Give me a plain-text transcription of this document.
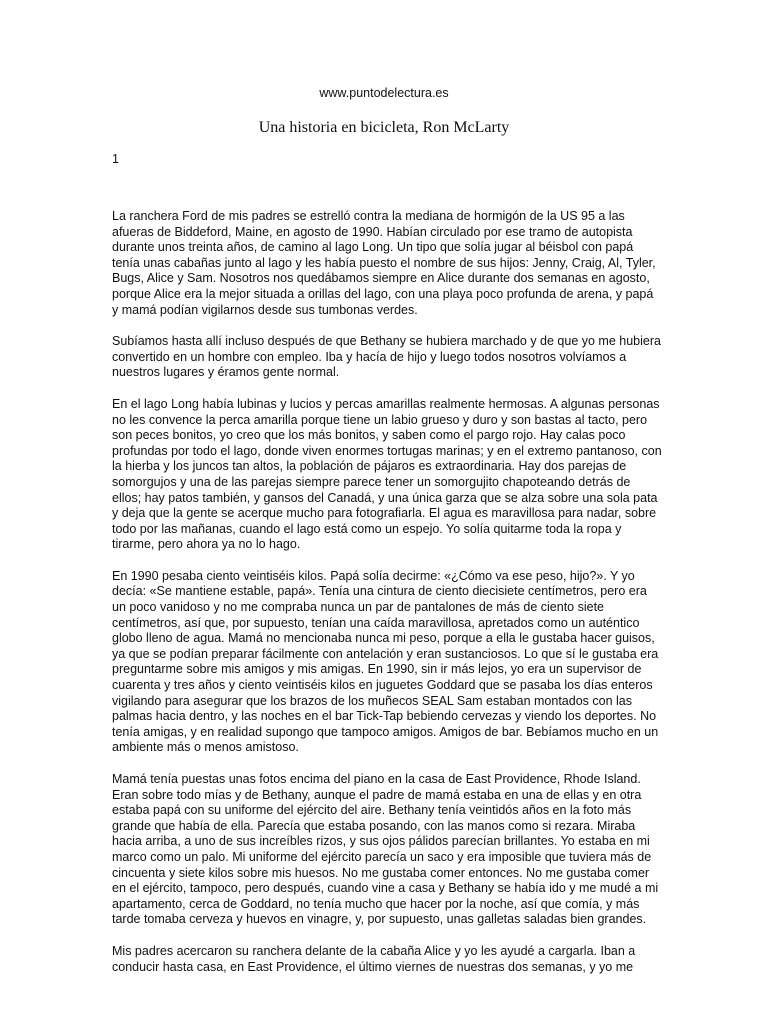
www.puntodelectura.es

Una historia en bicicleta, Ron McLarty

1

La ranchera Ford de mis padres se estrelló contra la mediana de hormigón de la US 95 a las afueras de Biddeford, Maine, en agosto de 1990. Habían circulado por ese tramo de autopista durante unos treinta años, de camino al lago Long. Un tipo que solía jugar al béisbol con papá tenía unas cabañas junto al lago y les había puesto el nombre de sus hijos: Jenny, Craig, Al, Tyler, Bugs, Alice y Sam. Nosotros nos quedábamos siempre en Alice durante dos semanas en agosto, porque Alice era la mejor situada a orillas del lago, con una playa poco profunda de arena, y papá y mamá podían vigilarnos desde sus tumbonas verdes.

Subíamos hasta allí incluso después de que Bethany se hubiera marchado y de que yo me hubiera convertido en un hombre con empleo. Iba y hacía de hijo y luego todos nosotros volvíamos a nuestros lugares y éramos gente normal.

En el lago Long había lubinas y lucios y percas amarillas realmente hermosas. A algunas personas no les convence la perca amarilla porque tiene un labio grueso y duro y son bastas al tacto, pero son peces bonitos, yo creo que los más bonitos, y saben como el pargo rojo. Hay calas poco profundas por todo el lago, donde viven enormes tortugas marinas; y en el extremo pantanoso, con la hierba y los juncos tan altos, la población de pájaros es extraordinaria. Hay dos parejas de somorgujos y una de las parejas siempre parece tener un somorgujito chapoteando detrás de ellos; hay patos también, y gansos del Canadá, y una única garza que se alza sobre una sola pata y deja que la gente se acerque mucho para fotografiarla. El agua es maravillosa para nadar, sobre todo por las mañanas, cuando el lago está como un espejo. Yo solía quitarme toda la ropa y tirarme, pero ahora ya no lo hago.

En 1990 pesaba ciento veintiséis kilos. Papá solía decirme: «¿Cómo va ese peso, hijo?». Y yo decía: «Se mantiene estable, papá». Tenía una cintura de ciento diecisiete centímetros, pero era un poco vanidoso y no me compraba nunca un par de pantalones de más de ciento siete centímetros, así que, por supuesto, tenían una caída maravillosa, apretados como un auténtico globo lleno de agua. Mamá no mencionaba nunca mi peso, porque a ella le gustaba hacer guisos, ya que se podían preparar fácilmente con antelación y eran sustanciosos. Lo que sí le gustaba era preguntarme sobre mis amigos y mis amigas. En 1990, sin ir más lejos, yo era un supervisor de cuarenta y tres años y ciento veintiséis kilos en juguetes Goddard que se pasaba los días enteros vigilando para asegurar que los brazos de los muñecos SEAL Sam estaban montados con las palmas hacia dentro, y las noches en el bar Tick-Tap bebiendo cervezas y viendo los deportes. No tenía amigas, y en realidad supongo que tampoco amigos. Amigos de bar. Bebíamos mucho en un ambiente más o menos amistoso.

Mamá tenía puestas unas fotos encima del piano en la casa de East Providence, Rhode Island. Eran sobre todo mías y de Bethany, aunque el padre de mamá estaba en una de ellas y en otra estaba papá con su uniforme del ejército del aire. Bethany tenía veintidós años en la foto más grande que había de ella. Parecía que estaba posando, con las manos como si rezara. Miraba hacia arriba, a uno de sus increíbles rizos, y sus ojos pálidos parecían brillantes. Yo estaba en mi marco como un palo. Mi uniforme del ejército parecía un saco y era imposible que tuviera más de cincuenta y siete kilos sobre mis huesos. No me gustaba comer entonces. No me gustaba comer en el ejército, tampoco, pero después, cuando vine a casa y Bethany se había ido y me mudé a mi apartamento, cerca de Goddard, no tenía mucho que hacer por la noche, así que comía, y más tarde tomaba cerveza y huevos en vinagre, y, por supuesto, unas galletas saladas bien grandes.

Mis padres acercaron su ranchera delante de la cabaña Alice y yo les ayudé a cargarla. Iban a conducir hasta casa, en East Providence, el último viernes de nuestras dos semanas, y yo me
